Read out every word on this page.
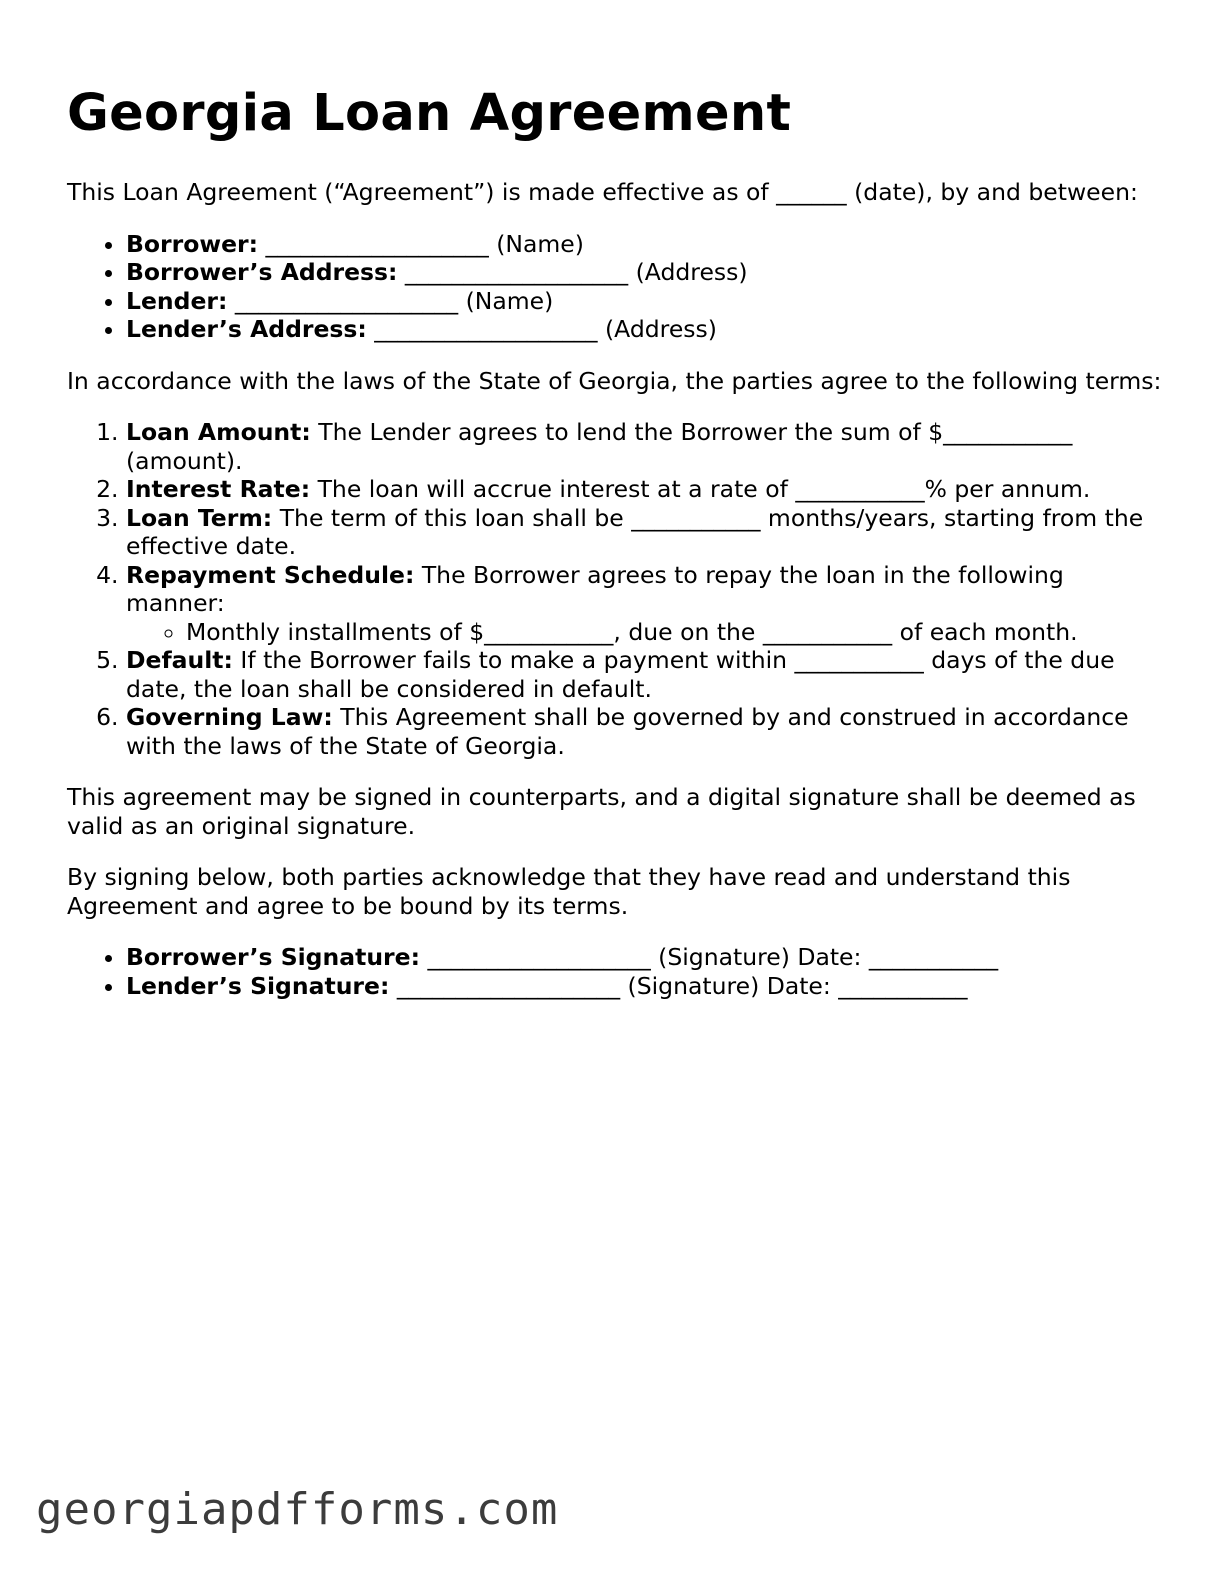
Georgia Loan Agreement

This Loan Agreement (“Agreement”) is made effective as of ______ (date), by and between:

• Borrower: ___________________ (Name)
• Borrower’s Address: ___________________ (Address)
• Lender: ___________________ (Name)
• Lender’s Address: ___________________ (Address)

In accordance with the laws of the State of Georgia, the parties agree to the following terms:

1. Loan Amount: The Lender agrees to lend the Borrower the sum of $___________ (amount).
2. Interest Rate: The loan will accrue interest at a rate of ___________% per annum.
3. Loan Term: The term of this loan shall be ___________ months/years, starting from the effective date.
4. Repayment Schedule: The Borrower agrees to repay the loan in the following manner:
◦ Monthly installments of $___________, due on the ___________ of each month.
5. Default: If the Borrower fails to make a payment within ___________ days of the due date, the loan shall be considered in default.
6. Governing Law: This Agreement shall be governed by and construed in accordance with the laws of the State of Georgia.

This agreement may be signed in counterparts, and a digital signature shall be deemed as valid as an original signature.

By signing below, both parties acknowledge that they have read and understand this Agreement and agree to be bound by its terms.

• Borrower’s Signature: ___________________ (Signature) Date: ___________
• Lender’s Signature: ___________________ (Signature) Date: ___________
georgiapdfforms.com
